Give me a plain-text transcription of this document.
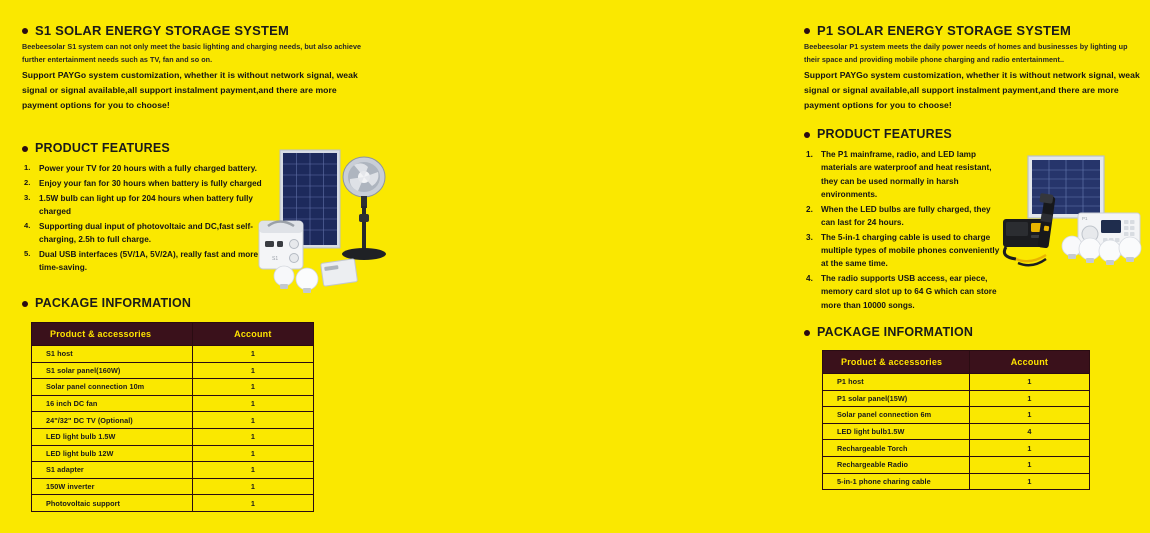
S1 SOLAR ENERGY STORAGE SYSTEM
Beebeesolar S1 system can not only meet the basic lighting and charging needs, but also achieve further entertainment needs such as TV, fan and so on.
Support PAYGo system customization, whether it is without network signal, weak signal or signal available,all support instalment payment,and there are more payment options for you to choose!
PRODUCT FEATURES
1.	Power your TV for 20 hours with a fully charged battery.
2.	Enjoy your fan for 30 hours when battery is fully charged
3.	1.5W bulb can light up for 204 hours when battery fully charged
4.	Supporting dual input of photovoltaic and DC,fast self-charging, 2.5h to full charge.
5.	Dual USB interfaces (5V/1A, 5V/2A), really fast and more time-saving.
S1
PACKAGE INFORMATION
Product & accessories	Account
S1 host	1
S1 solar panel(160W)	1
Solar panel connection 10m	1
16 inch DC fan	1
24"/32" DC TV (Optional)	1
LED light bulb 1.5W	1
LED light bulb 12W	1
S1 adapter	1
150W inverter	1
Photovoltaic support	1
P1 SOLAR ENERGY STORAGE SYSTEM
Beebeesolar P1 system meets the daily power needs of homes and businesses by lighting up their space and providing mobile phone charging and radio entertainment..
Support PAYGo system customization, whether it is without network signal, weak signal or signal available,all support instalment payment,and there are more payment options for you to choose!
PRODUCT FEATURES
1. The P1 mainframe, radio, and LED lamp materials are waterproof and heat resistant, they can be used normally in harsh environments.
2. When the LED bulbs are fully charged, they can last for 24 hours.
3. The 5-in-1 charging cable is used to charge multiple types of mobile phones conveniently at the same time.
4. The radio supports USB access, ear piece, memory card slot up to 64 G which can store more than 10000 songs.
P1
PACKAGE INFORMATION
Product & accessories	Account
P1 host	1
P1 solar panel(15W)	1
Solar panel connection 6m	1
LED light bulb1.5W	4
Rechargeable Torch	1
Rechargeable Radio	1
5-in-1 phone charing cable	1
